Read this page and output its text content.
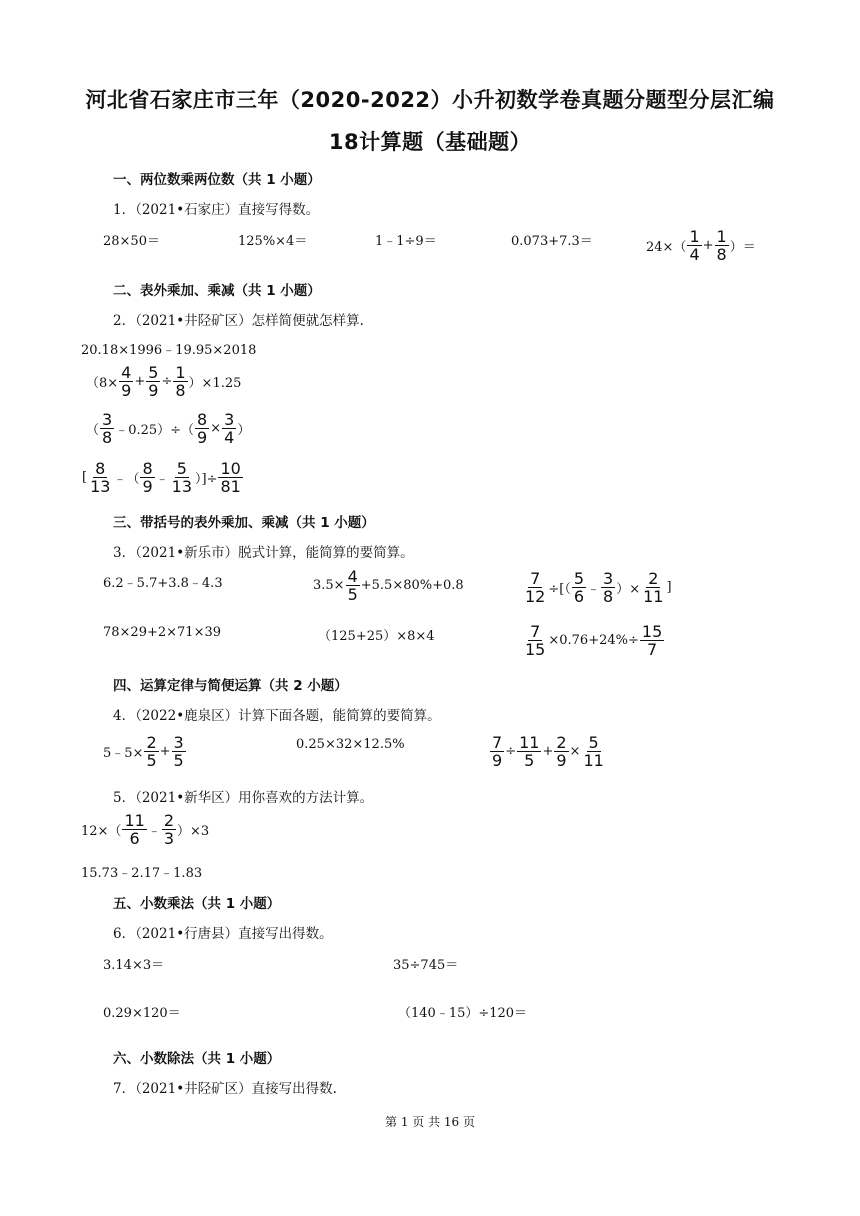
河北省石家庄市三年（2020-2022）小升初数学卷真题分题型分层汇编
18计算题（基础题）
一、两位数乘两位数（共 1 小题）
1．（2021•石家庄）直接写得数。
28×50＝	125%×4＝	1﹣1÷9＝	0.073+7.3＝	$24\times( \frac{1}{4} + \frac{1}{8}$ ）＝
二、表外乘加、乘减（共 1 小题）
2．（2021•井陉矿区）怎样简便就怎样算.
20.18×1996﹣19.95×2018
$(8\times \frac{4}{9} + \frac{5}{9} \div \frac{1}{8} )\times 1.25$
（ $\frac{3}{8}$ ﹣0.25）÷（ $\frac{8}{9} \times \frac{3}{4}$ ）
[ $\frac{8}{13}$ ﹣（ $\frac{8}{9}$ ﹣ $\frac{5}{13}$ ）]÷ $\frac{10}{81}$
三、带括号的表外乘加、乘减（共 1 小题）
3．（2021•新乐市）脱式计算，能简算的要简算。
6.2﹣5.7+3.8﹣4.3	$3.5\times \frac{4}{5} +5.5\times 80\%+0.8$	$\frac{7}{12}$ ÷[（ $\frac{5}{6}$ ﹣ $\frac{3}{8}$ ）× $\frac{2}{11}$ ]
78×29+2×71×39	（125+25）×8×4	$\frac{7}{15} \times 0.76+24\%\div \frac{15}{7}$
四、运算定律与简便运算（共 2 小题）
4．（2022•鹿泉区）计算下面各题，能简算的要简算。
5﹣5× $\frac{2}{5} + \frac{3}{5}$	0.25×32×12.5%	$\frac{7}{9} \div \frac{11}{5} + \frac{2}{9} \times \frac{5}{11}$
5．（2021•新华区）用你喜欢的方法计算。
$12\times( \frac{11}{6}$ ﹣ $\frac{2}{3} )\times 3$
15.73﹣2.17﹣1.83
五、小数乘法（共 1 小题）
6．（2021•行唐县）直接写出得数。
3.14×3＝	35÷745＝
0.29×120＝	（140﹣15）÷120＝
六、小数除法（共 1 小题）
7．（2021•井陉矿区）直接写出得数.
第 1 页 共 16 页
